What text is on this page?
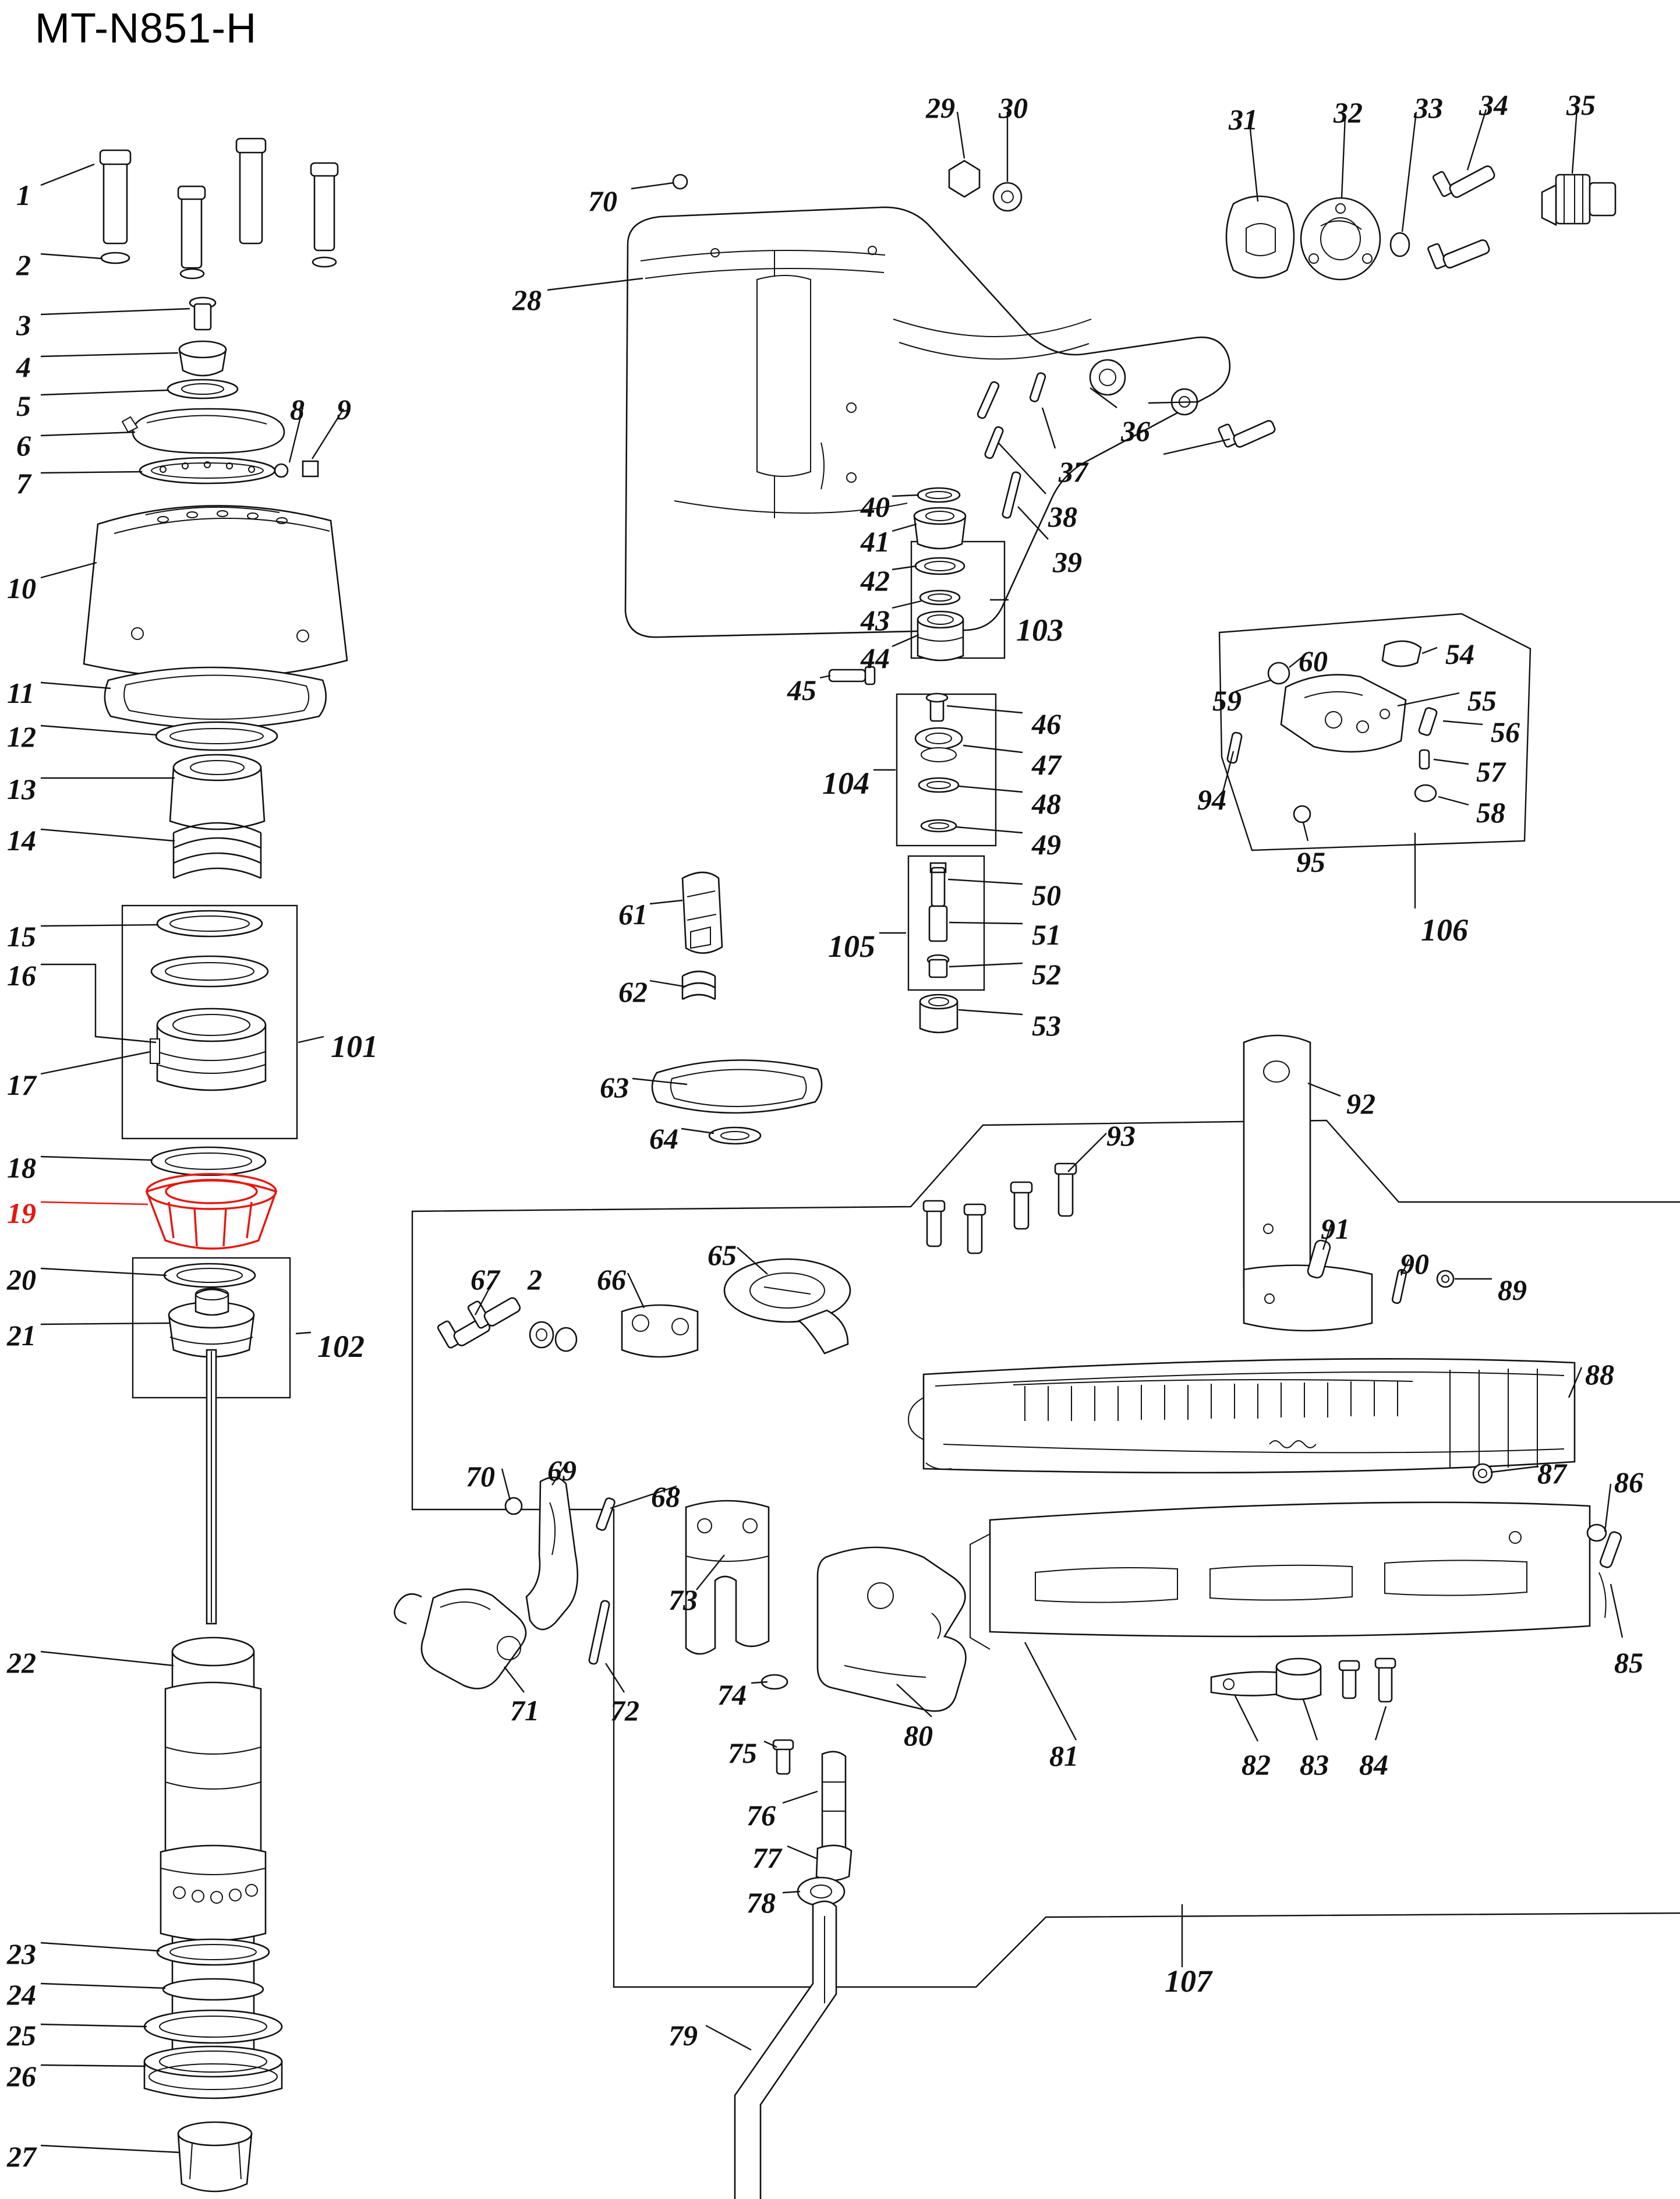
MT-N851-H
1
2
3
4
5
6
7
8 9
10
11
12
13
14
15
16
17
18
19
20
21
22
23
24
25
26
27
28
29 30	31	32 33 34 35
36
37
38
39
40
41
42
43
44
45
46
47
48
49
50
51
52
53
54
55
56
57
58
59
60
61
62
63
64
65
66
67 2
68
69
70
70
71 72
73
74
75
76
77
78
79
80
81	82 83 84
85
86
87
88
89
90
91
92
93
94
95
101
102
103
104
105	106
107
